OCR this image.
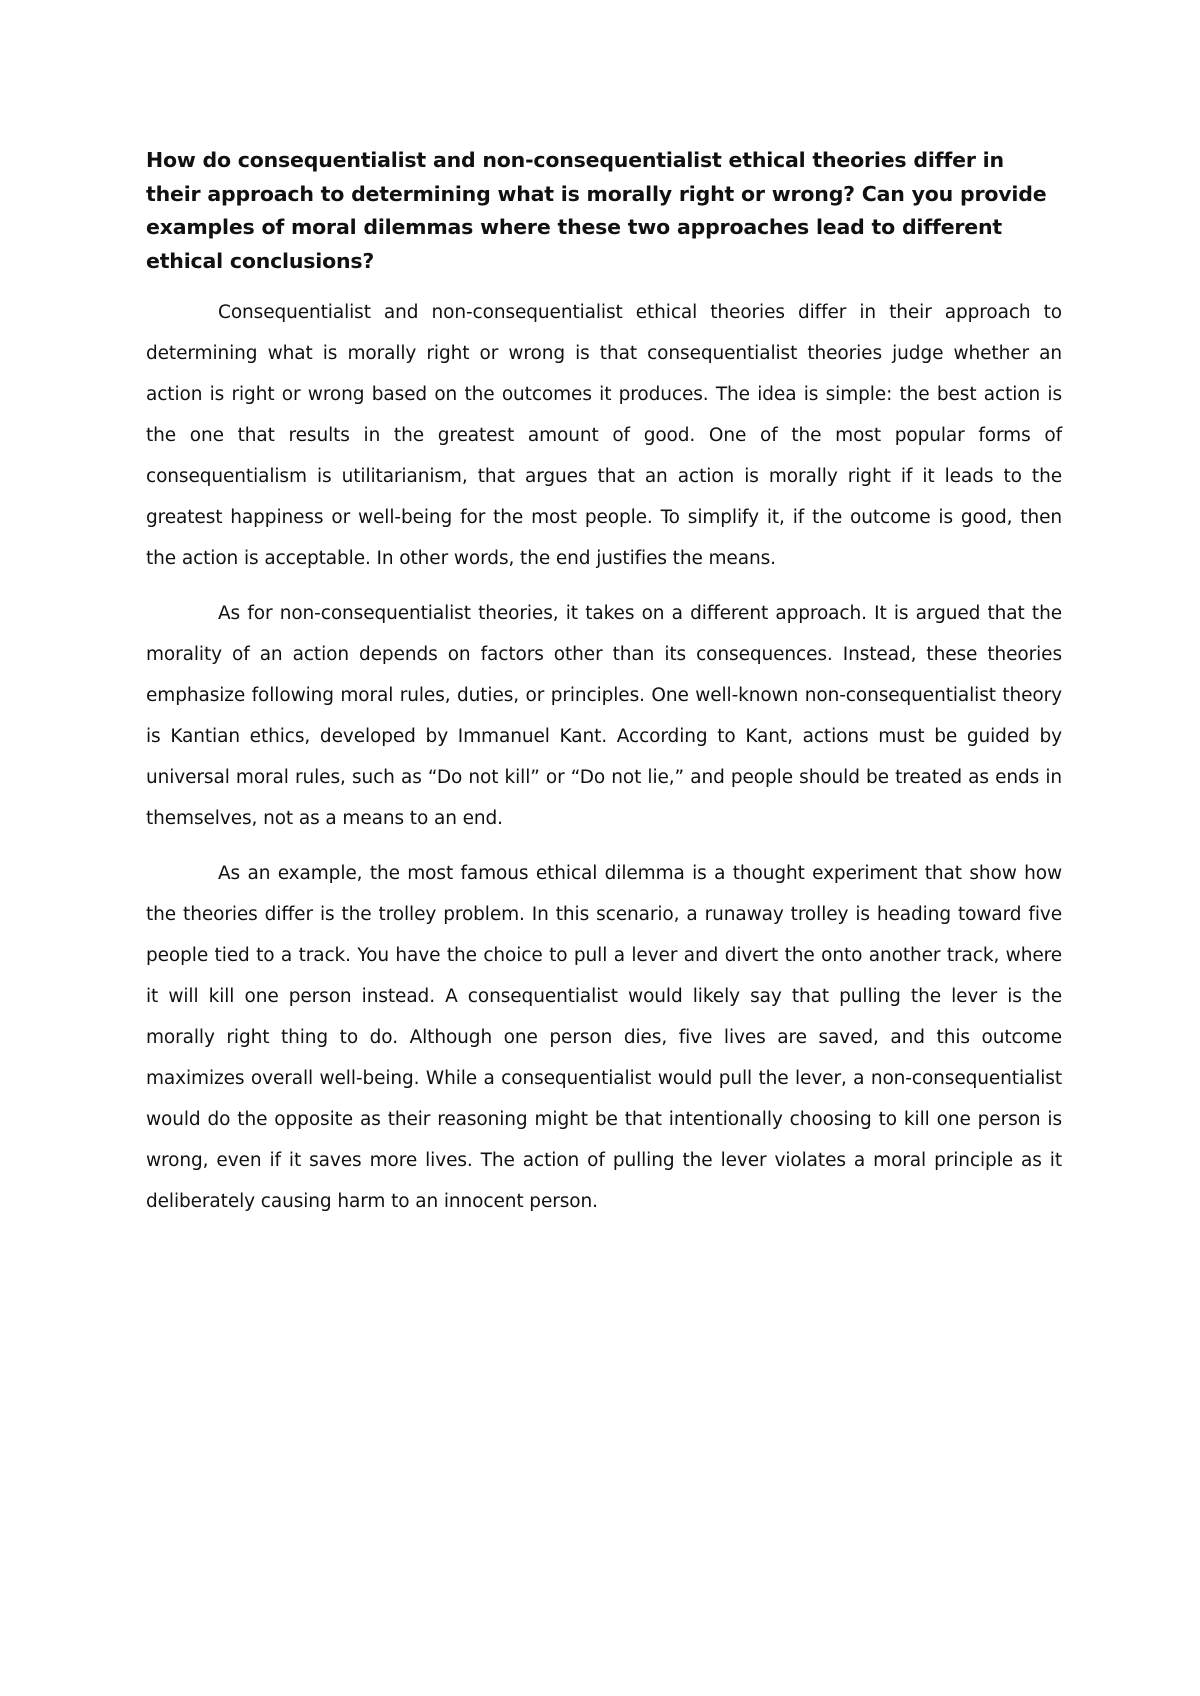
How do consequentialist and non-consequentialist ethical theories differ in their approach to determining what is morally right or wrong? Can you provide examples of moral dilemmas where these two approaches lead to different ethical conclusions?

Consequentialist and non-consequentialist ethical theories differ in their approach to determining what is morally right or wrong is that consequentialist theories judge whether an action is right or wrong based on the outcomes it produces. The idea is simple: the best action is the one that results in the greatest amount of good. One of the most popular forms of consequentialism is utilitarianism, that argues that an action is morally right if it leads to the greatest happiness or well-being for the most people. To simplify it, if the outcome is good, then the action is acceptable. In other words, the end justifies the means.

As for non-consequentialist theories, it takes on a different approach. It is argued that the morality of an action depends on factors other than its consequences. Instead, these theories emphasize following moral rules, duties, or principles. One well-known non-consequentialist theory is Kantian ethics, developed by Immanuel Kant. According to Kant, actions must be guided by universal moral rules, such as “Do not kill” or “Do not lie,” and people should be treated as ends in themselves, not as a means to an end.

As an example, the most famous ethical dilemma is a thought experiment that show how the theories differ is the trolley problem. In this scenario, a runaway trolley is heading toward five people tied to a track. You have the choice to pull a lever and divert the onto another track, where it will kill one person instead. A consequentialist would likely say that pulling the lever is the morally right thing to do. Although one person dies, five lives are saved, and this outcome maximizes overall well-being. While a consequentialist would pull the lever, a non-consequentialist would do the opposite as their reasoning might be that intentionally choosing to kill one person is wrong, even if it saves more lives. The action of pulling the lever violates a moral principle as it deliberately causing harm to an innocent person.
